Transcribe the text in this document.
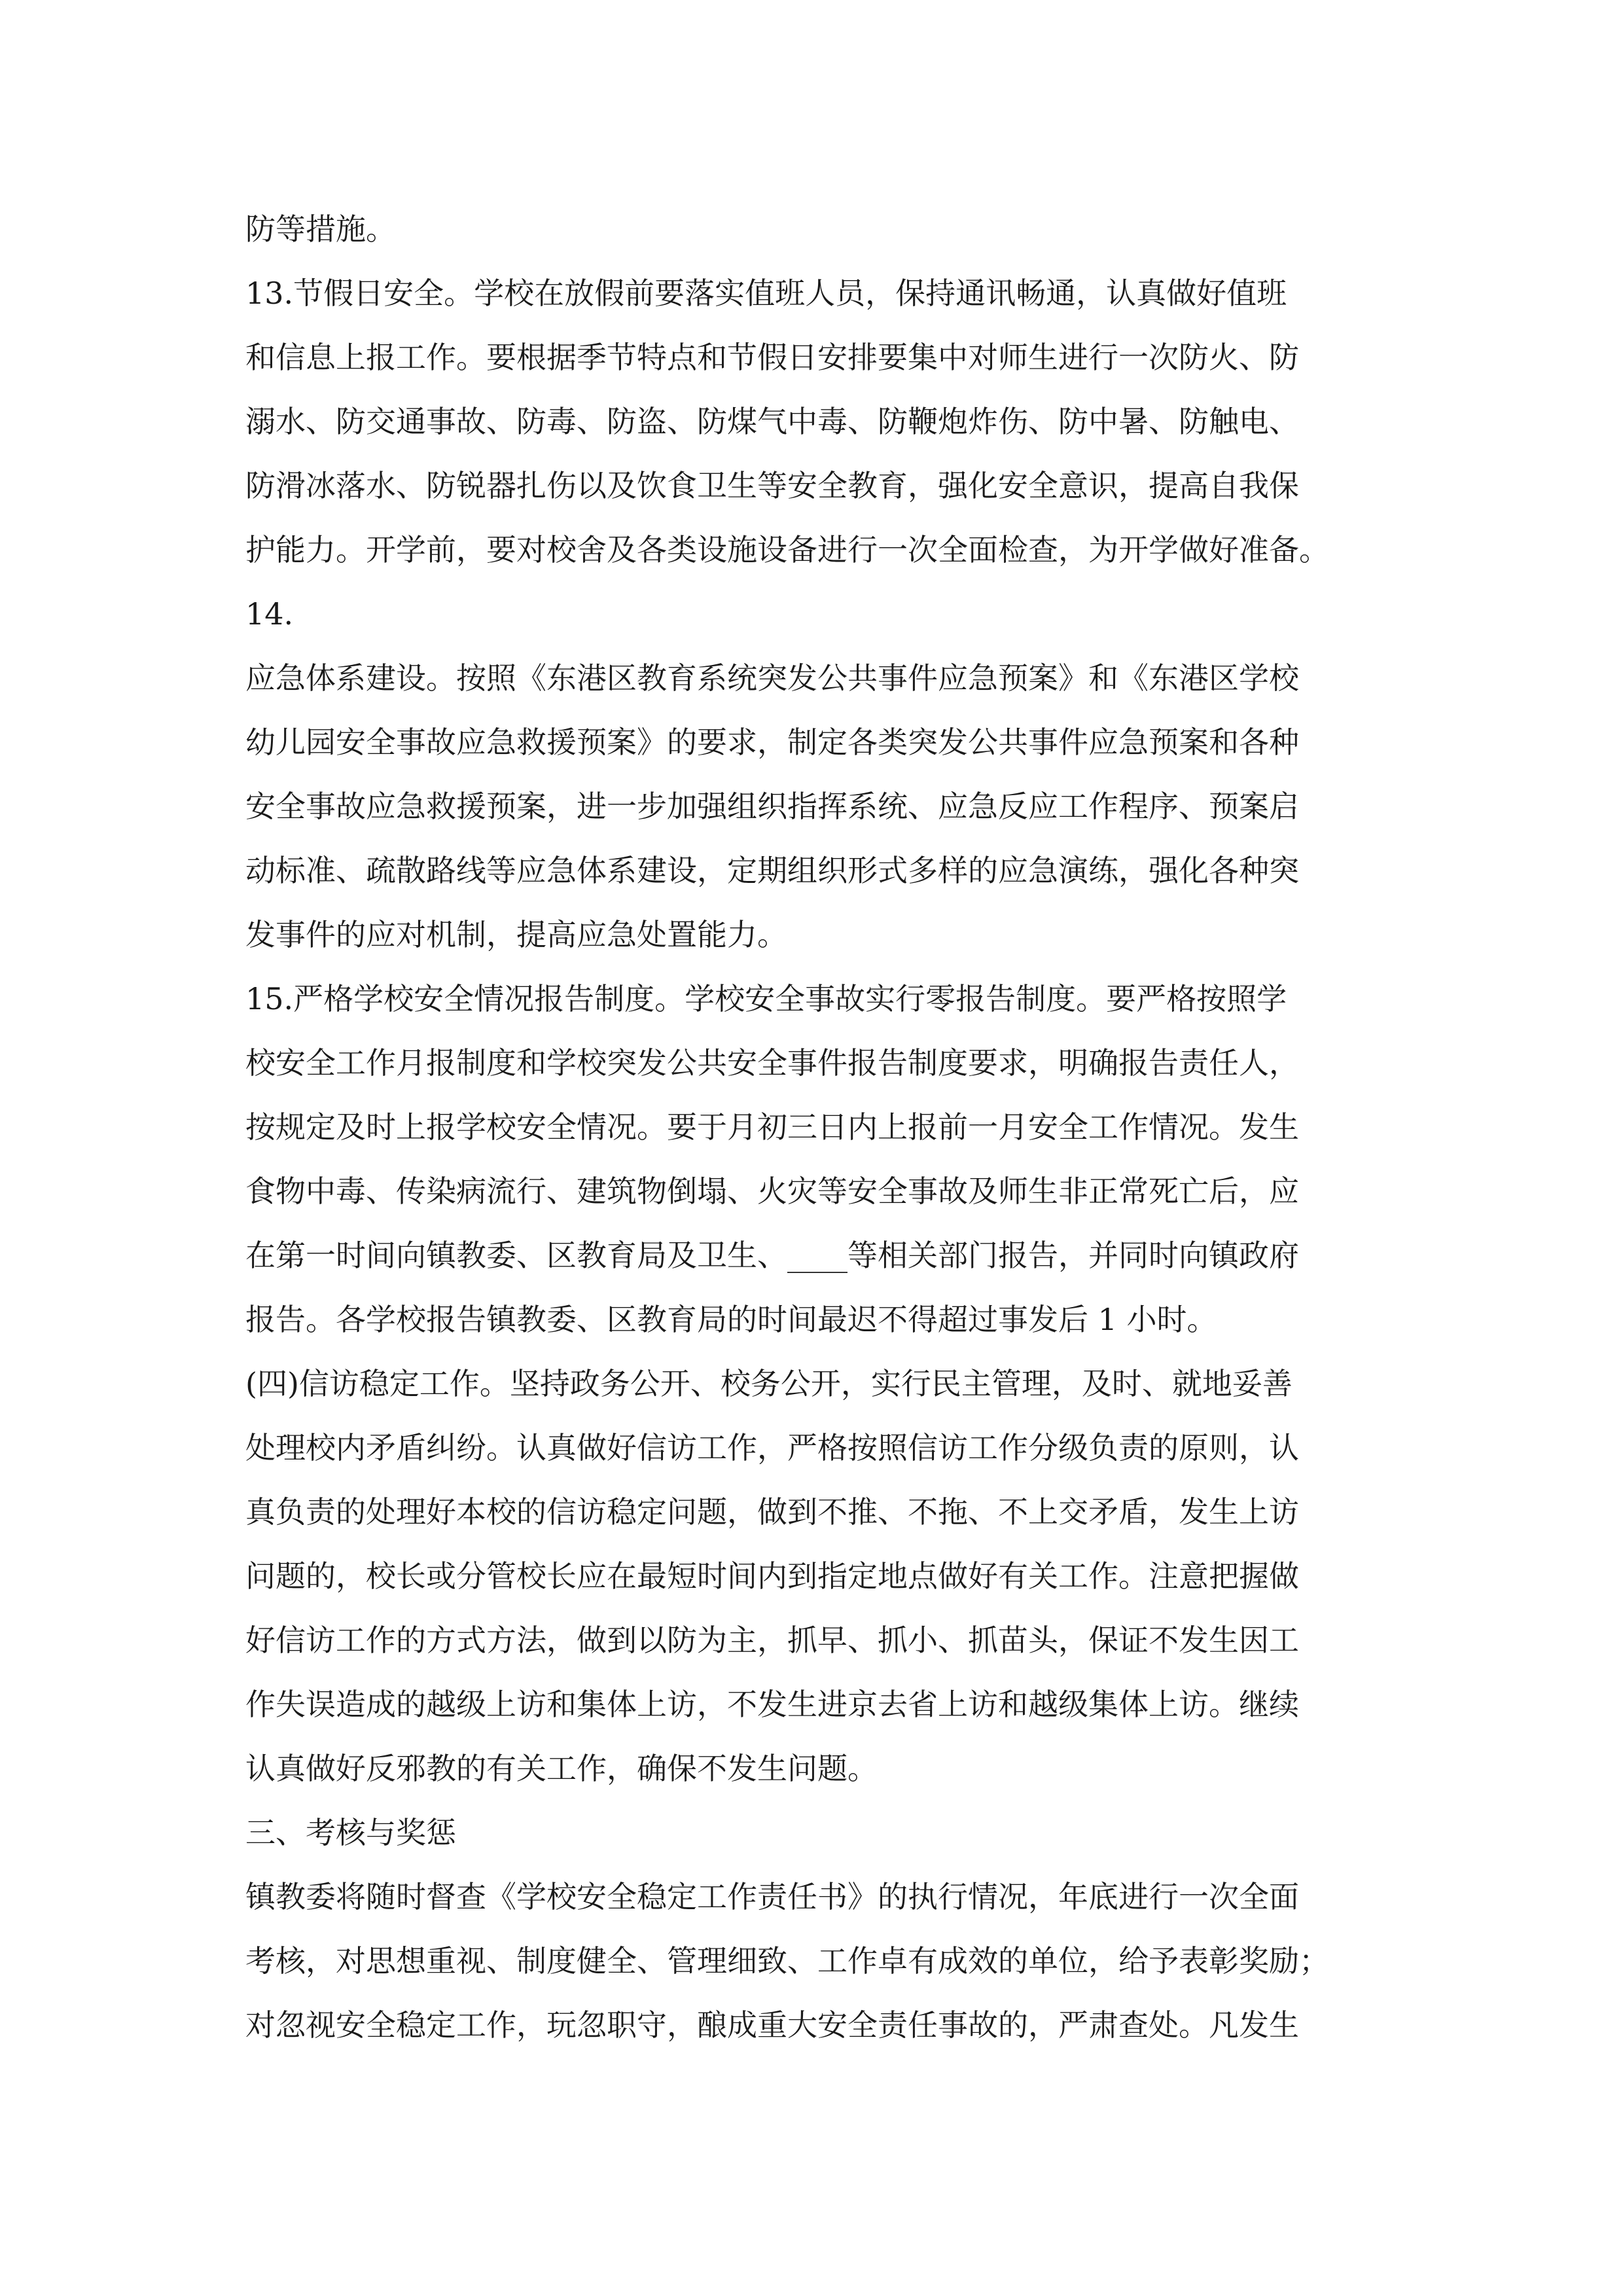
防等措施。
13.节假日安全。学校在放假前要落实值班人员，保持通讯畅通，认真做好值班
和信息上报工作。要根据季节特点和节假日安排要集中对师生进行一次防火、防
溺水、防交通事故、防毒、防盗、防煤气中毒、防鞭炮炸伤、防中暑、防触电、
防滑冰落水、防锐器扎伤以及饮食卫生等安全教育，强化安全意识，提高自我保
护能力。开学前，要对校舍及各类设施设备进行一次全面检查，为开学做好准备。
14.
应急体系建设。按照《东港区教育系统突发公共事件应急预案》和《东港区学校
幼儿园安全事故应急救援预案》的要求，制定各类突发公共事件应急预案和各种
安全事故应急救援预案，进一步加强组织指挥系统、应急反应工作程序、预案启
动标准、疏散路线等应急体系建设，定期组织形式多样的应急演练，强化各种突
发事件的应对机制，提高应急处置能力。
15.严格学校安全情况报告制度。学校安全事故实行零报告制度。要严格按照学
校安全工作月报制度和学校突发公共安全事件报告制度要求，明确报告责任人，
按规定及时上报学校安全情况。要于月初三日内上报前一月安全工作情况。发生
食物中毒、传染病流行、建筑物倒塌、火灾等安全事故及师生非正常死亡后，应
在第一时间向镇教委、区教育局及卫生、____等相关部门报告，并同时向镇政府
报告。各学校报告镇教委、区教育局的时间最迟不得超过事发后 1 小时。
(四)信访稳定工作。坚持政务公开、校务公开，实行民主管理，及时、就地妥善
处理校内矛盾纠纷。认真做好信访工作，严格按照信访工作分级负责的原则，认
真负责的处理好本校的信访稳定问题，做到不推、不拖、不上交矛盾，发生上访
问题的，校长或分管校长应在最短时间内到指定地点做好有关工作。注意把握做
好信访工作的方式方法，做到以防为主，抓早、抓小、抓苗头，保证不发生因工
作失误造成的越级上访和集体上访，不发生进京去省上访和越级集体上访。继续
认真做好反邪教的有关工作，确保不发生问题。
三、考核与奖惩
镇教委将随时督查《学校安全稳定工作责任书》的执行情况，年底进行一次全面
考核，对思想重视、制度健全、管理细致、工作卓有成效的单位，给予表彰奖励；
对忽视安全稳定工作，玩忽职守，酿成重大安全责任事故的，严肃查处。凡发生
